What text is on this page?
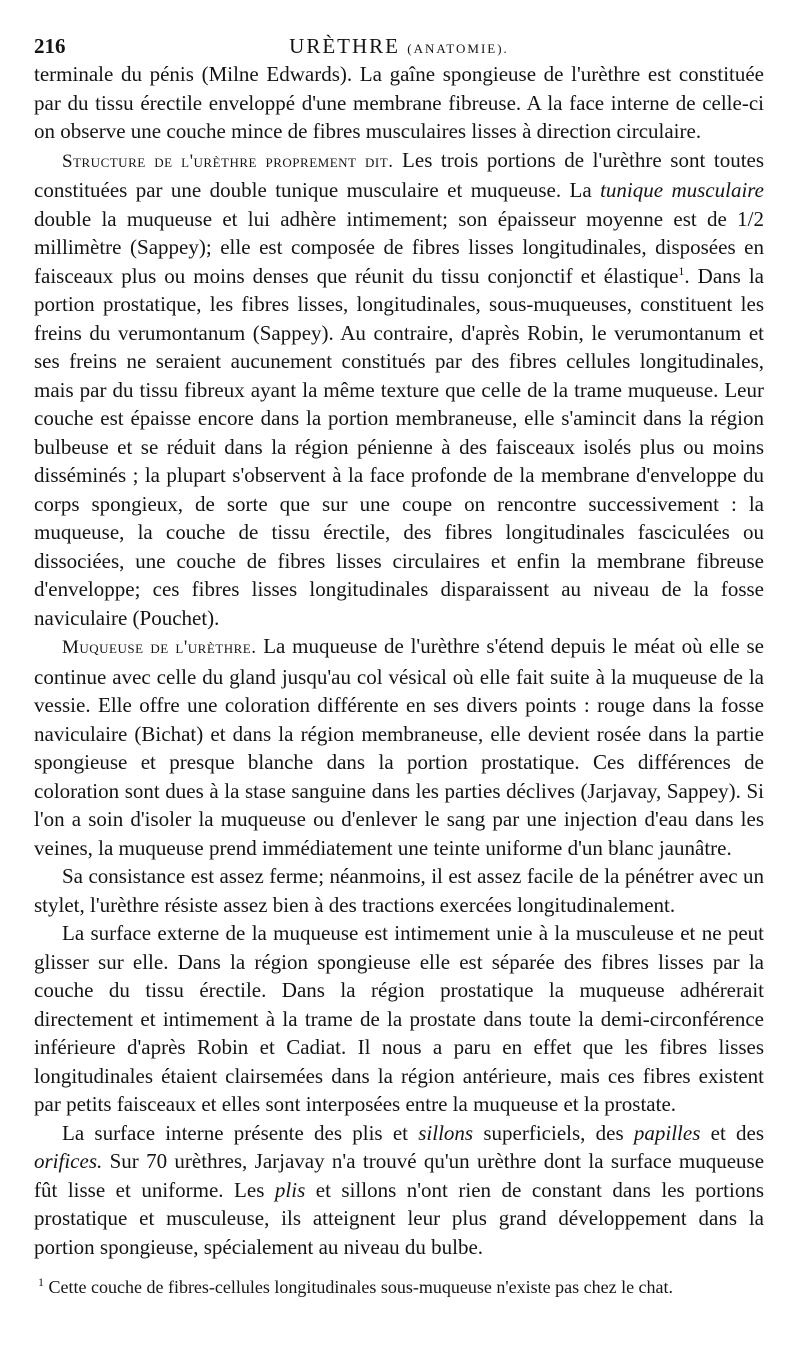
216	URÈTHRE (ANATOMIE).

terminale du pénis (Milne Edwards). La gaîne spongieuse de l'urèthre est constituée par du tissu érectile enveloppé d'une membrane fibreuse. A la face interne de celle-ci on observe une couche mince de fibres musculaires lisses à direction circulaire.

Structure de l'urèthre proprement dit. Les trois portions de l'urèthre sont toutes constituées par une double tunique musculaire et muqueuse. La tunique musculaire double la muqueuse et lui adhère intimement; son épaisseur moyenne est de 1/2 millimètre (Sappey); elle est composée de fibres lisses longitudinales, disposées en faisceaux plus ou moins denses que réunit du tissu conjonctif et élastique$^1$. Dans la portion prostatique, les fibres lisses, longitudinales, sous-muqueuses, constituent les freins du verumontanum (Sappey). Au contraire, d'après Robin, le verumontanum et ses freins ne seraient aucunement constitués par des fibres cellules longitudinales, mais par du tissu fibreux ayant la même texture que celle de la trame muqueuse. Leur couche est épaisse encore dans la portion membraneuse, elle s'amincit dans la région bulbeuse et se réduit dans la région pénienne à des faisceaux isolés plus ou moins disséminés ; la plupart s'observent à la face profonde de la membrane d'enveloppe du corps spongieux, de sorte que sur une coupe on rencontre successivement : la muqueuse, la couche de tissu érectile, des fibres longitudinales fasciculées ou dissociées, une couche de fibres lisses circulaires et enfin la membrane fibreuse d'enveloppe; ces fibres lisses longitudinales disparaissent au niveau de la fosse naviculaire (Pouchet).

Muqueuse de l'urèthre. La muqueuse de l'urèthre s'étend depuis le méat où elle se continue avec celle du gland jusqu'au col vésical où elle fait suite à la muqueuse de la vessie. Elle offre une coloration différente en ses divers points : rouge dans la fosse naviculaire (Bichat) et dans la région membraneuse, elle devient rosée dans la partie spongieuse et presque blanche dans la portion prostatique. Ces différences de coloration sont dues à la stase sanguine dans les parties déclives (Jarjavay, Sappey). Si l'on a soin d'isoler la muqueuse ou d'enlever le sang par une injection d'eau dans les veines, la muqueuse prend immédiatement une teinte uniforme d'un blanc jaunâtre.

Sa consistance est assez ferme; néanmoins, il est assez facile de la pénétrer avec un stylet, l'urèthre résiste assez bien à des tractions exercées longitudinalement.

La surface externe de la muqueuse est intimement unie à la musculeuse et ne peut glisser sur elle. Dans la région spongieuse elle est séparée des fibres lisses par la couche du tissu érectile. Dans la région prostatique la muqueuse adhérerait directement et intimement à la trame de la prostate dans toute la demi-circonférence inférieure d'après Robin et Cadiat. Il nous a paru en effet que les fibres lisses longitudinales étaient clairsemées dans la région antérieure, mais ces fibres existent par petits faisceaux et elles sont interposées entre la muqueuse et la prostate.

La surface interne présente des plis et sillons superficiels, des papilles et des orifices. Sur 70 urèthres, Jarjavay n'a trouvé qu'un urèthre dont la surface muqueuse fût lisse et uniforme. Les plis et sillons n'ont rien de constant dans les portions prostatique et musculeuse, ils atteignent leur plus grand développement dans la portion spongieuse, spécialement au niveau du bulbe.

$^1$ Cette couche de fibres-cellules longitudinales sous-muqueuse n'existe pas chez le chat.
